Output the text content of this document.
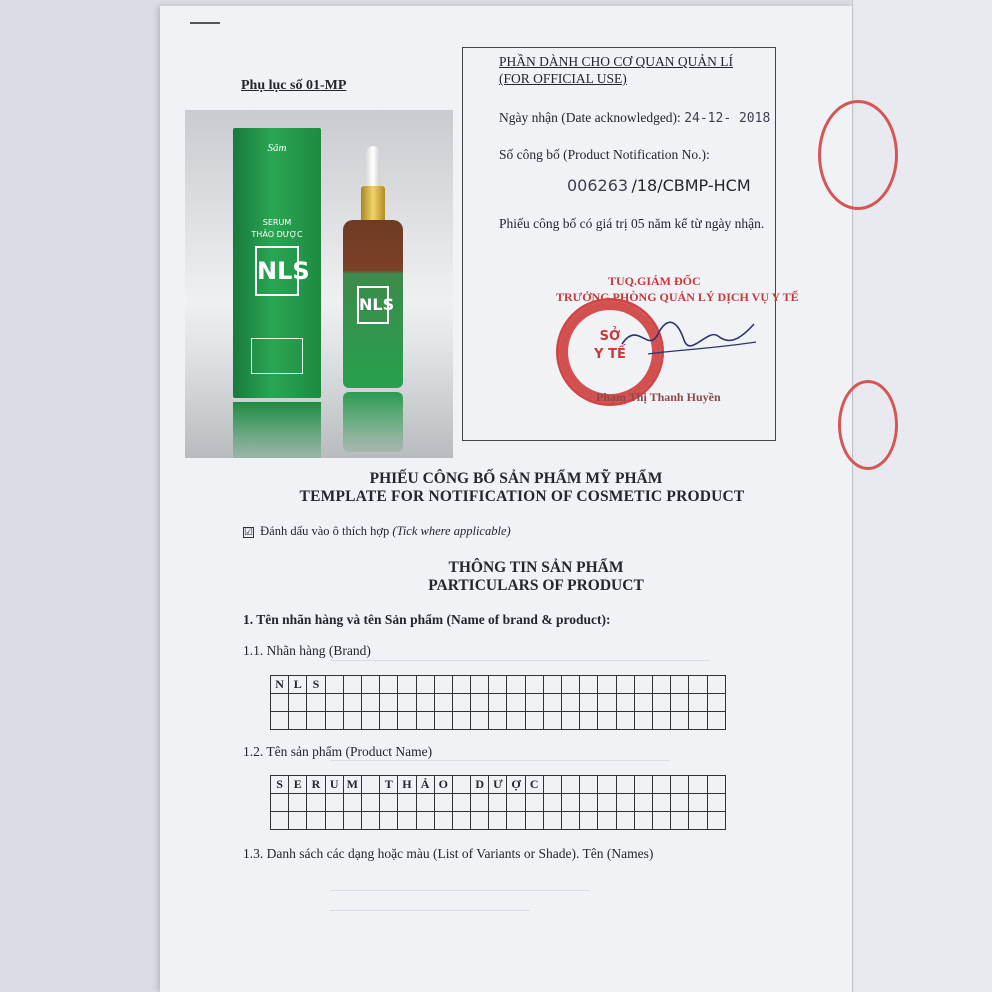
Phụ lục số 01-MP
Sâm
SERUM
THẢO DƯỢC
NLS
NLS
PHẦN DÀNH CHO CƠ QUAN QUẢN LÍ
(FOR OFFICIAL USE)
Ngày nhận (Date acknowledged): 24-12- 2018
Số công bố (Product Notification No.):
006263 /18/CBMP-HCM
Phiếu công bố có giá trị 05 năm kể từ ngày nhận.
TUQ.GIÁM ĐỐC
TRƯỞNG PHÒNG QUẢN LÝ DỊCH VỤ Y TẾ
SỞ
Y TẾ
Phạm Thị Thanh Huyền
PHIẾU CÔNG BỐ SẢN PHẨM MỸ PHẨM
TEMPLATE FOR NOTIFICATION OF COSMETIC PRODUCT
☑ Đánh dấu vào ô thích hợp (Tick where applicable)
THÔNG TIN SẢN PHẨM
PARTICULARS OF PRODUCT
1. Tên nhãn hàng và tên Sản phẩm (Name of brand & product):
1.1. Nhãn hàng (Brand)
N L S
1.2. Tên sản phẩm (Product Name)
S E R U M	T H Ả O	D Ư Ợ C
1.3. Danh sách các dạng hoặc màu (List of Variants or Shade). Tên (Names)
